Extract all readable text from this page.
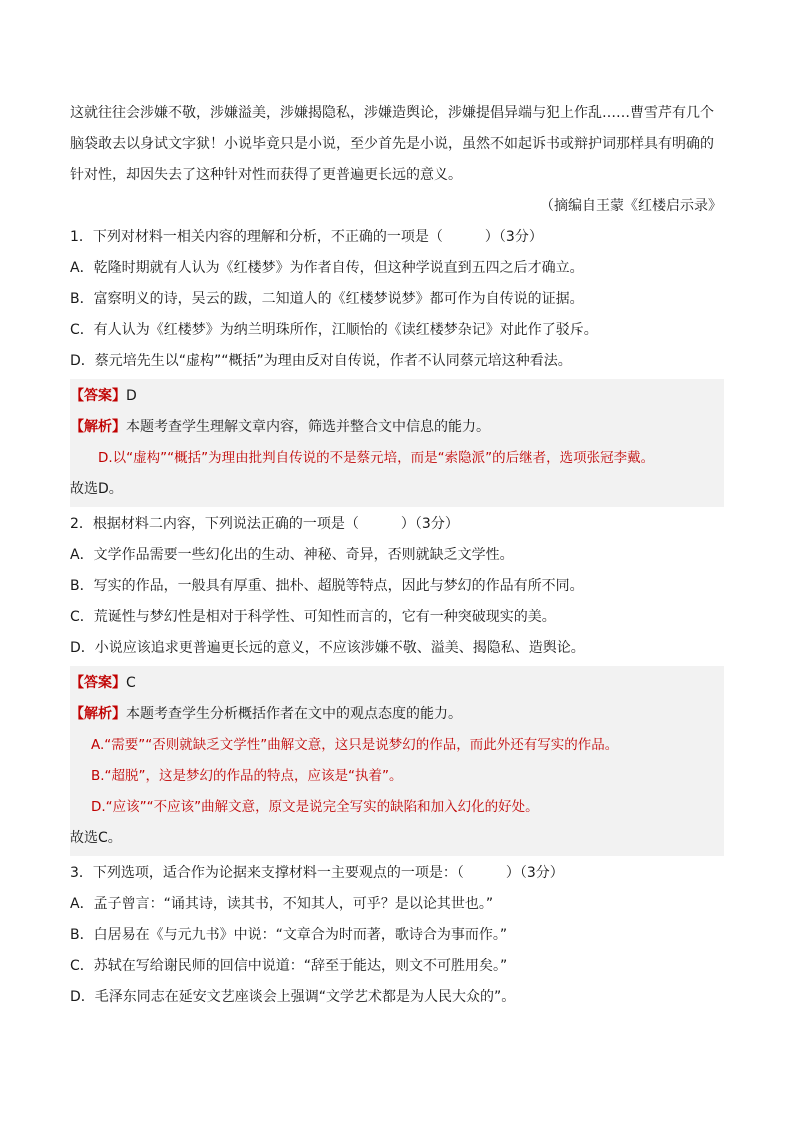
这就往往会涉嫌不敬，涉嫌溢美，涉嫌揭隐私，涉嫌造舆论，涉嫌提倡异端与犯上作乱……曹雪芹有几个

脑袋敢去以身试文字狱！小说毕竟只是小说，至少首先是小说，虽然不如起诉书或辩护词那样具有明确的

针对性，却因失去了这种针对性而获得了更普遍更长远的意义。

（摘编自王蒙《红楼启示录》

1．下列对材料一相关内容的理解和分析，不正确的一项是（　　　）（3分）

A．乾隆时期就有人认为《红楼梦》为作者自传，但这种学说直到五四之后才确立。

B．富察明义的诗，吴云的跋，二知道人的《红楼梦说梦》都可作为自传说的证据。

C．有人认为《红楼梦》为纳兰明珠所作，江顺怡的《读红楼梦杂记》对此作了驳斥。

D．蔡元培先生以“虚构”“概括”为理由反对自传说，作者不认同蔡元培这种看法。

【答案】D

【解析】本题考查学生理解文章内容，筛选并整合文中信息的能力。

D.以“虚构”“概括”为理由批判自传说的不是蔡元培，而是“索隐派”的后继者，选项张冠李戴。

故选D。

2．根据材料二内容，下列说法正确的一项是（　　　）（3分）

A．文学作品需要一些幻化出的生动、神秘、奇异，否则就缺乏文学性。

B．写实的作品，一般具有厚重、拙朴、超脱等特点，因此与梦幻的作品有所不同。

C．荒诞性与梦幻性是相对于科学性、可知性而言的，它有一种突破现实的美。

D．小说应该追求更普遍更长远的意义，不应该涉嫌不敬、溢美、揭隐私、造舆论。

【答案】C

【解析】本题考查学生分析概括作者在文中的观点态度的能力。

A.“需要”“否则就缺乏文学性”曲解文意，这只是说梦幻的作品，而此外还有写实的作品。

B.“超脱”，这是梦幻的作品的特点，应该是“执着”。

D.“应该”“不应该”曲解文意，原文是说完全写实的缺陷和加入幻化的好处。

故选C。

3．下列选项，适合作为论据来支撑材料一主要观点的一项是：（　　　）（3分）

A．孟子曾言：“诵其诗，读其书，不知其人，可乎？是以论其世也。”

B．白居易在《与元九书》中说：“文章合为时而著，歌诗合为事而作。”

C．苏轼在写给谢民师的回信中说道：“辞至于能达，则文不可胜用矣。”

D．毛泽东同志在延安文艺座谈会上强调“文学艺术都是为人民大众的”。
